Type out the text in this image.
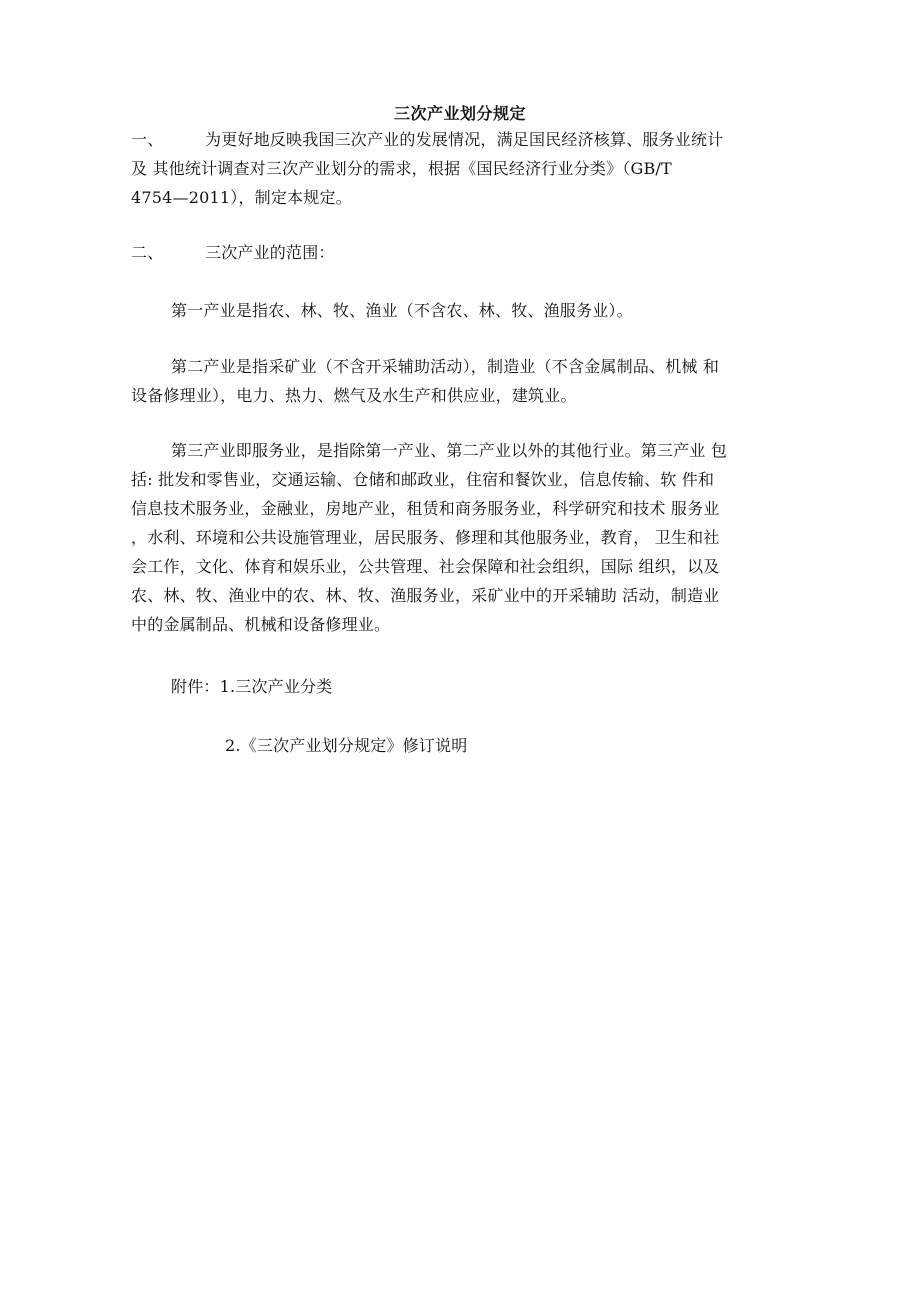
三次产业划分规定
一、	为更好地反映我国三次产业的发展情况，满足国民经济核算、服务业统计
及 其他统计调查对三次产业划分的需求，根据《国民经济行业分类》（GB/T
4754—2011），制定本规定。
二、	三次产业的范围：
第一产业是指农、林、牧、渔业（不含农、林、牧、渔服务业）。
第二产业是指采矿业（不含开采辅助活动），制造业（不含金属制品、机械 和
设备修理业），电力、热力、燃气及水生产和供应业，建筑业。
第三产业即服务业，是指除第一产业、第二产业以外的其他行业。第三产业 包
括: 批发和零售业，交通运输、仓储和邮政业，住宿和餐饮业，信息传输、软 件和
信息技术服务业，金融业，房地产业，租赁和商务服务业，科学研究和技术 服务业
，水利、环境和公共设施管理业，居民服务、修理和其他服务业，教育， 卫生和社
会工作，文化、体育和娱乐业，公共管理、社会保障和社会组织，国际 组织，以及
农、林、牧、渔业中的农、林、牧、渔服务业，采矿业中的开采辅助 活动，制造业
中的金属制品、机械和设备修理业。
附件：1.三次产业分类
2.《三次产业划分规定》修订说明
